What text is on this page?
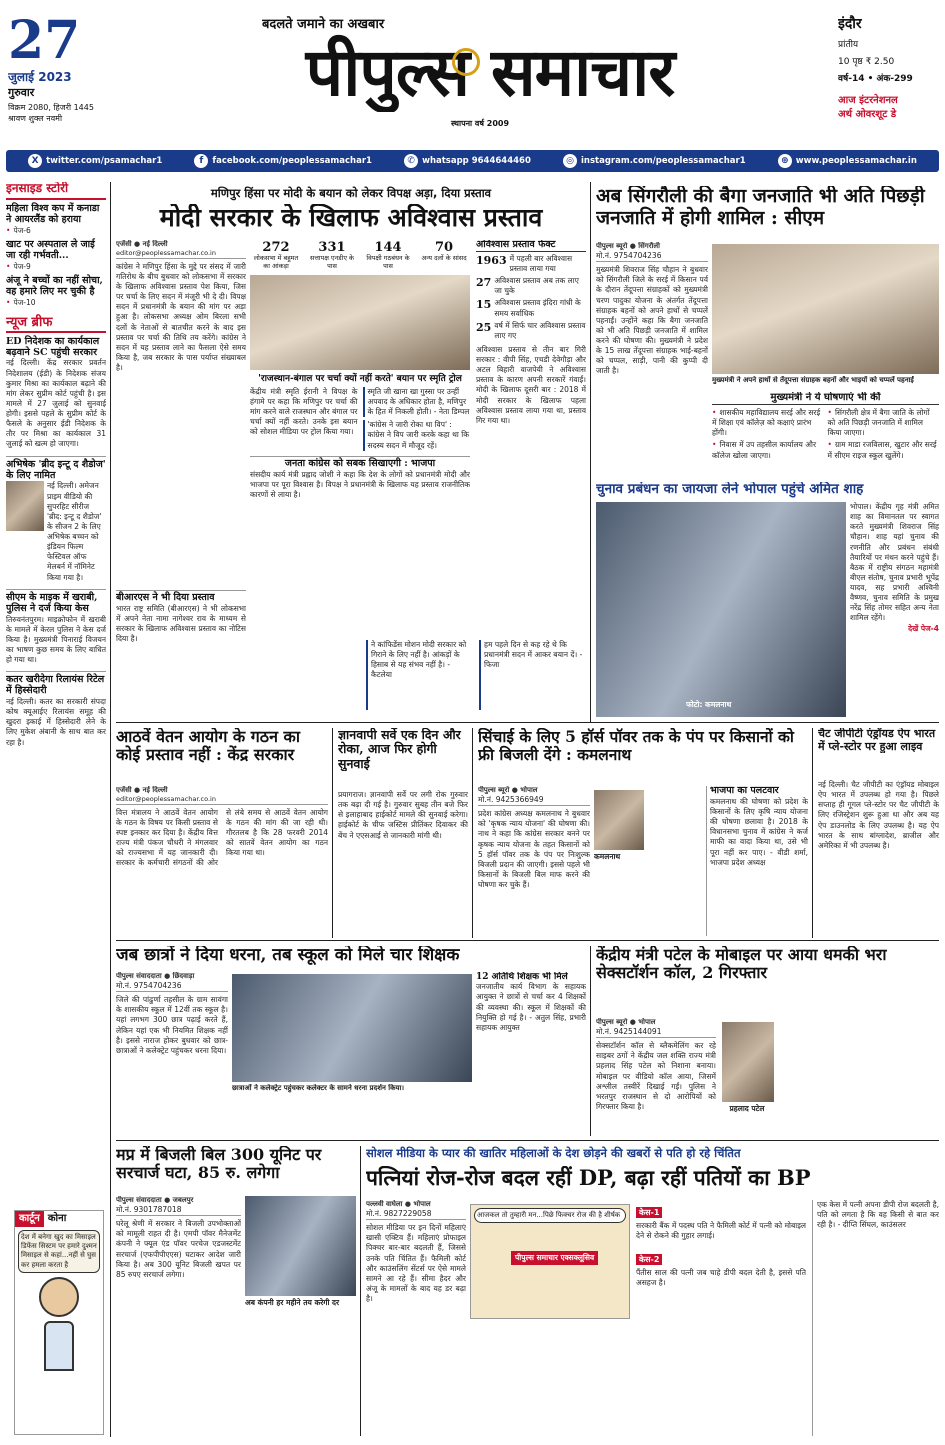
27
जुलाई 2023
गुरुवार
विक्रम 2080, हिजरी 1445
श्रावण शुक्ल नवमी
बदलते जमाने का अखबार
पीपुल्स समाचार
स्थापना वर्ष 2009
इंदौर
प्रांतीय
10 पृष्ठ ₹ 2.50
वर्ष-14 • अंक-299
आज इंटरनेशनल
अर्थ ओवरशूट डे
X twitter.com/psamachar1	f	facebook.com/peoplessamachar1	✆ whatsapp 9644644460	◎ instagram.com/peoplessamachar1	⊕ www.peoplessamachar.in
इनसाइड स्टोरी
महिला विश्व कप में कनाडा ने आयरलैंड को हराया
• पेज-6
खाट पर अस्पताल ले जाई जा रही गर्भवती...
• पेज-9
अंजू ने बच्चों का नहीं सोचा, वह हमारे लिए मर चुकी है
• पेज-10
न्यूज ब्रीफ
ED निदेशक का कार्यकाल बढ़वाने SC पहुंची सरकार
नई दिल्ली। केंद्र सरकार प्रवर्तन निदेशालय (ईडी) के निदेशक संजय कुमार मिश्रा का कार्यकाल बढ़ाने की मांग लेकर सुप्रीम कोर्ट पहुंची है। इस मामले में 27 जुलाई को सुनवाई होगी। इससे पहले के सुप्रीम कोर्ट के फैसले के अनुसार ईडी निदेशक के तौर पर मिश्रा का कार्यकाल 31 जुलाई को खत्म हो जाएगा।
अभिषेक 'ब्रीद इन्टू द शैडोज' के लिए नामित
नई दिल्ली। अमेजन प्राइम वीडियो की सुपरहिट सीरीज 'ब्रीद: इन्टू द शैडोज' के सीजन 2 के लिए अभिषेक बच्चन को इंडियन फिल्म फेस्टिवल ऑफ मेलबर्न में नॉमिनेट किया गया है।
सीएम के माइक में खराबी, पुलिस ने दर्ज किया केस
तिरुवनंतपुरम। माइक्रोफोन में खराबी के मामले में केरल पुलिस ने केस दर्ज किया है। मुख्यमंत्री पिनाराई विजयन का भाषण कुछ समय के लिए बाधित हो गया था।
कतर खरीदेगा रिलायंस रिटेल में हिस्सेदारी
नई दिल्ली। कतर का सरकारी संपदा कोष क्यूआईए रिलायंस समूह की खुदरा इकाई में हिस्सेदारी लेने के लिए मुकेश अंबानी के साथ बात कर रहा है।
कार्टून कोना
देश में बनेगा खुद का मिसाइल डिफेंस सिस्टम पर हमारे दुश्मन मिसाइल से कहां...नहीं से घुस कर हमला करता है
मणिपुर हिंसा पर मोदी के बयान को लेकर विपक्ष अड़ा, दिया प्रस्ताव
मोदी सरकार के खिलाफ अविश्वास प्रस्ताव
एजेंसी ● नई दिल्ली
editor@peoplessamachar.co.in
कांग्रेस ने मणिपुर हिंसा के मुद्दे पर संसद में जारी गतिरोध के बीच बुधवार को लोकसभा में सरकार के खिलाफ अविश्वास प्रस्ताव पेश किया, जिस पर चर्चा के लिए सदन में मंजूरी भी दे दी। विपक्ष सदन में प्रधानमंत्री के बयान की मांग पर अड़ा हुआ है। लोकसभा अध्यक्ष ओम बिरला सभी दलों के नेताओं से बातचीत करने के बाद इस प्रस्ताव पर चर्चा की तिथि तय करेंगे। कांग्रेस ने सदन में यह प्रस्ताव लाने का फैसला ऐसे समय किया है, जब सरकार के पास पर्याप्त संख्याबल है।
272
लोकसभा में बहुमत का आंकड़ा
331
सत्तापक्ष एनडीए के पास
144
विपक्षी गठबंधन के पास
70
अन्य दलों के सांसद
'राजस्थान-बंगाल पर चर्चा क्यों नहीं करते' बयान पर स्मृति ट्रोल
केंद्रीय मंत्री स्मृति ईरानी ने विपक्ष के हंगामे पर कहा कि मणिपुर पर चर्चा की मांग करने वाले राजस्थान और बंगाल पर चर्चा क्यों नहीं करते। उनके इस बयान को सोशल मीडिया पर ट्रोल किया गया।
स्मृति जी खाना खा गुस्सा पर उन्हीं अपवाद के अधिकार होता है, मणिपुर के हित में निकली होती। - नेता डिम्पल
'कांग्रेस ने जारी रोका था विप' : कांग्रेस ने विप जारी करके कहा था कि सदस्य सदन में मौजूद रहें।
जनता कांग्रेस को सबक सिखाएगी : भाजपा
संसदीय कार्य मंत्री प्रह्लाद जोशी ने कहा कि देश के लोगों को प्रधानमंत्री मोदी और भाजपा पर पूरा विश्वास है। विपक्ष ने प्रधानमंत्री के खिलाफ यह प्रस्ताव राजनीतिक कारणों से लाया है।
बीआरएस ने भी दिया प्रस्ताव
भारत राष्ट्र समिति (बीआरएस) ने भी लोकसभा में अपने नेता नामा नागेश्वर राव के माध्यम से सरकार के खिलाफ अविश्वास प्रस्ताव का नोटिस दिया है।
अविश्वास प्रस्ताव फेक्ट
1963 में पहली बार अविश्वास प्रस्ताव लाया गया
27 अविश्वास प्रस्ताव अब तक लाए जा चुके
15 अविश्वास प्रस्ताव इंदिरा गांधी के समय सर्वाधिक
25 वर्ष में सिर्फ चार अविश्वास प्रस्ताव लाए गए
अविश्वास प्रस्ताव से तीन बार गिरी सरकार : वीपी सिंह, एचडी देवेगौड़ा और अटल बिहारी वाजपेयी ने अविश्वास प्रस्ताव के कारण अपनी सरकारें गंवाईं। मोदी के खिलाफ दूसरी बार : 2018 में मोदी सरकार के खिलाफ पहला अविश्वास प्रस्ताव लाया गया था, प्रस्ताव गिर गया था।
ने कांफिडेंस मोशन मोदी सरकार को गिराने के लिए नहीं है। आंकड़ों के हिसाब से यह संभव नहीं है। - कैटलेया
हम पहले दिन से कह रहे थे कि प्रधानमंत्री सदन में आकर बयान दें। - फिजा
अब सिंगरौली की बैगा जनजाति भी अति पिछड़ी जनजाति में होगी शामिल : सीएम
पीपुल्स ब्यूरो ● सिंगरौली
मो.नं. 9754704236
मुख्यमंत्री शिवराज सिंह चौहान ने बुधवार को सिंगरौली जिले के सरई में किसान पर्व के दौरान तेंदूपत्ता संग्राहकों को मुख्यमंत्री चरण पादुका योजना के अंतर्गत तेंदूपत्ता संग्राहक बहनों को अपने हाथों से चप्पलें पहनाईं। उन्होंने कहा कि बैगा जनजाति को भी अति पिछड़ी जनजाति में शामिल करने की घोषणा की। मुख्यमंत्री ने प्रदेश के 15 लाख तेंदूपत्ता संग्राहक भाई-बहनों को चप्पल, साड़ी, पानी की कुप्पी दी जाती है।
मुख्यमंत्री ने अपने हाथों से तेंदूपत्ता संग्राहक बहनों और भाइयों को चप्पलें पहनाईं
मुख्यमंत्री ने ये घोषणाएं भी कीं
• शासकीय महाविद्यालय सरई और सरई में शिक्षा एवं कॉलेज़ को कक्षाएं प्रारंभ होंगी।
• निवास में उप तहसील कार्यालय और कॉलेज खोला जाएगा।
• सिंगरौली क्षेत्र में बैगा जाति के लोगों को अति पिछड़ी जनजाति में शामिल किया जाएगा।
• ग्राम माडा रजविलास, खुटार और सरई में सीएम राइज स्कूल खुलेंगे।
चुनाव प्रबंधन का जायजा लेने भोपाल पहुंचे अमित शाह
फोटो: कमलनाथ
भोपाल। केंद्रीय गृह मंत्री अमित शाह का विमानतल पर स्वागत करते मुख्यमंत्री शिवराज सिंह चौहान। शाह यहां चुनाव की रणनीति और प्रबंधन संबंधी तैयारियों पर मंथन करने पहुंचे हैं। बैठक में राष्ट्रीय संगठन महामंत्री बीएल संतोष, चुनाव प्रभारी भूपेंद्र यादव, सह प्रभारी अश्विनी वैष्णव, चुनाव समिति के प्रमुख नरेंद्र सिंह तोमर सहित अन्य नेता शामिल रहेंगे।
देखें पेज-4
आठवें वेतन आयोग के गठन का कोई प्रस्ताव नहीं : केंद्र सरकार
एजेंसी ● नई दिल्ली
editor@peoplessamachar.co.in
वित्त मंत्रालय ने आठवें वेतन आयोग के गठन के विषय पर किसी प्रस्ताव से स्पष्ट इनकार कर दिया है। केंद्रीय वित्त राज्य मंत्री पंकज चौधरी ने मंगलवार को राज्यसभा में यह जानकारी दी। सरकार के कर्मचारी संगठनों की ओर से लंबे समय से आठवें वेतन आयोग के गठन की मांग की जा रही थी। गौरतलब है कि 28 फरवरी 2014 को सातवें वेतन आयोग का गठन किया गया था।
ज्ञानवापी सर्वे एक दिन और रोका, आज फिर होगी सुनवाई
प्रयागराज। ज्ञानवापी सर्वे पर लगी रोक गुरुवार तक बढ़ा दी गई है। गुरुवार सुबह तीन बजे फिर से इलाहाबाद हाईकोर्ट मामले की सुनवाई करेगा। हाईकोर्ट के चीफ जस्टिस प्रीतिंकर दिवाकर की बेंच ने एएसआई से जानकारी मांगी थी।
सिंचाई के लिए 5 हॉर्स पॉवर तक के पंप पर किसानों को फ्री बिजली देंगे : कमलनाथ
पीपुल्स ब्यूरो ● भोपाल
मो.नं. 9425366949
प्रदेश कांग्रेस अध्यक्ष कमलनाथ ने बुधवार को 'कृषक न्याय योजना' की घोषणा की। नाथ ने कहा कि कांग्रेस सरकार बनने पर कृषक न्याय योजना के तहत किसानों को 5 हॉर्स पॉवर तक के पंप पर निःशुल्क बिजली प्रदान की जाएगी। इससे पहले भी किसानों के बिजली बिल माफ करने की घोषणा कर चुके हैं।
कमलनाथ
भाजपा का पलटवार
कमलनाथ की घोषणा को प्रदेश के किसानों के लिए कृषि न्याय योजना की घोषणा छलावा है। 2018 के विधानसभा चुनाव में कांग्रेस ने कर्ज माफी का वादा किया था, उसे भी पूरा नहीं कर पाए। - वीडी शर्मा, भाजपा प्रदेश अध्यक्ष
चैट जीपीटी एंड्रॉयड ऐप भारत में प्ले-स्टोर पर हुआ लाइव
नई दिल्ली। चैट जीपीटी का एंड्रॉयड मोबाइल ऐप भारत में उपलब्ध हो गया है। पिछले सप्ताह ही गूगल प्ले-स्टोर पर चैट जीपीटी के लिए रजिस्ट्रेशन शुरू हुआ था और अब यह ऐप डाउनलोड के लिए उपलब्ध है। यह ऐप भारत के साथ बांग्लादेश, ब्राजील और अमेरिका में भी उपलब्ध है।
जब छात्रों ने दिया धरना, तब स्कूल को मिले चार शिक्षक
पीपुल्स संवाददाता ● छिंदवाड़ा
मो.नं. 9754704236
जिले की पांढुर्णा तहसील के ग्राम सावंगा के शासकीय स्कूल में 12वीं तक स्कूल है। यहां लगभग 300 छात्र पढ़ाई करते हैं, लेकिन यहां एक भी नियमित शिक्षक नहीं है। इससे नाराज होकर बुधवार को छात्र-छात्राओं ने कलेक्ट्रेट पहुंचकर धरना दिया।
छात्राओं ने कलेक्ट्रेट पहुंचकर कलेक्टर के सामने धरना प्रदर्शन किया।
12 अतिथि शिक्षक भी मिले
जनजातीय कार्य विभाग के सहायक आयुक्त ने छात्रों से चर्चा कर 4 शिक्षकों की व्यवस्था की। स्कूल में शिक्षकों की नियुक्ति हो गई है। - अतुल सिंह, प्रभारी सहायक आयुक्त
केंद्रीय मंत्री पटेल के मोबाइल पर आया धमकी भरा सेक्सटॉर्शन कॉल, 2 गिरफ्तार
पीपुल्स ब्यूरो ● भोपाल
मो.नं. 9425144091
सेक्सटॉर्शन कॉल से ब्लैकमेलिंग कर रहे साइबर ठगों ने केंद्रीय जल शक्ति राज्य मंत्री प्रहलाद सिंह पटेल को निशाना बनाया। मोबाइल पर वीडियो कॉल आया, जिसमें अश्लील तस्वीरें दिखाई गईं। पुलिस ने भरतपुर राजस्थान से दो आरोपियों को गिरफ्तार किया है।	प्रहलाद पटेल
मप्र में बिजली बिल 300 यूनिट पर सरचार्ज घटा, 85 रु. लगेगा
पीपुल्स संवाददाता ● जबलपुर
मो.नं. 9301787018
घरेलू श्रेणी में सरकार ने बिजली उपभोक्ताओं को मामूली राहत दी है। एमपी पॉवर मैनेजमेंट कंपनी ने फ्यूल एंड पॉवर परचेज एडजस्टमेंट सरचार्ज (एफपीपीएएस) घटाकर आदेश जारी किया है। अब 300 यूनिट बिजली खपत पर 85 रुपए सरचार्ज लगेगा।
अब कंपनी हर महीने तय करेगी दर
सोशल मीडिया के प्यार की खातिर महिलाओं के देश छोड़ने की खबरों से पति हो रहे चिंतित
पत्नियां रोज-रोज बदल रहीं DP, बढ़ा रहीं पतियों का BP
पल्लवी वाघेला ● भोपाल
मो.नं. 9827229058
सोशल मीडिया पर इन दिनों महिलाएं खासी एक्टिव हैं। महिलाएं प्रोफाइल पिक्चर बार-बार बदलती हैं, जिससे उनके पति चिंतित हैं। फैमिली कोर्ट और काउंसलिंग सेंटर्स पर ऐसे मामले सामने आ रहे हैं। सीमा हैदर और अंजू के मामलों के बाद यह डर बढ़ा है।
आजकल तो तुम्हारी मन...पिछे फिक्चर रोज की है शीर्षक
पीपुल्स समाचार एक्सक्लूसिव
केस-1
सरकारी बैंक में पदस्थ पति ने फैमिली कोर्ट में पत्नी को मोबाइल देने से रोकने की गुहार लगाई।
केस-2
पैंतीस साल की पत्नी जब चाहे डीपी बदल देती है, इससे पति असहज है।
एक केस में पत्नी अपना डीपी रोज बदलती है, पति को लगता है कि वह किसी से बात कर रही है। - दीप्ति सिंघल, काउंसलर
